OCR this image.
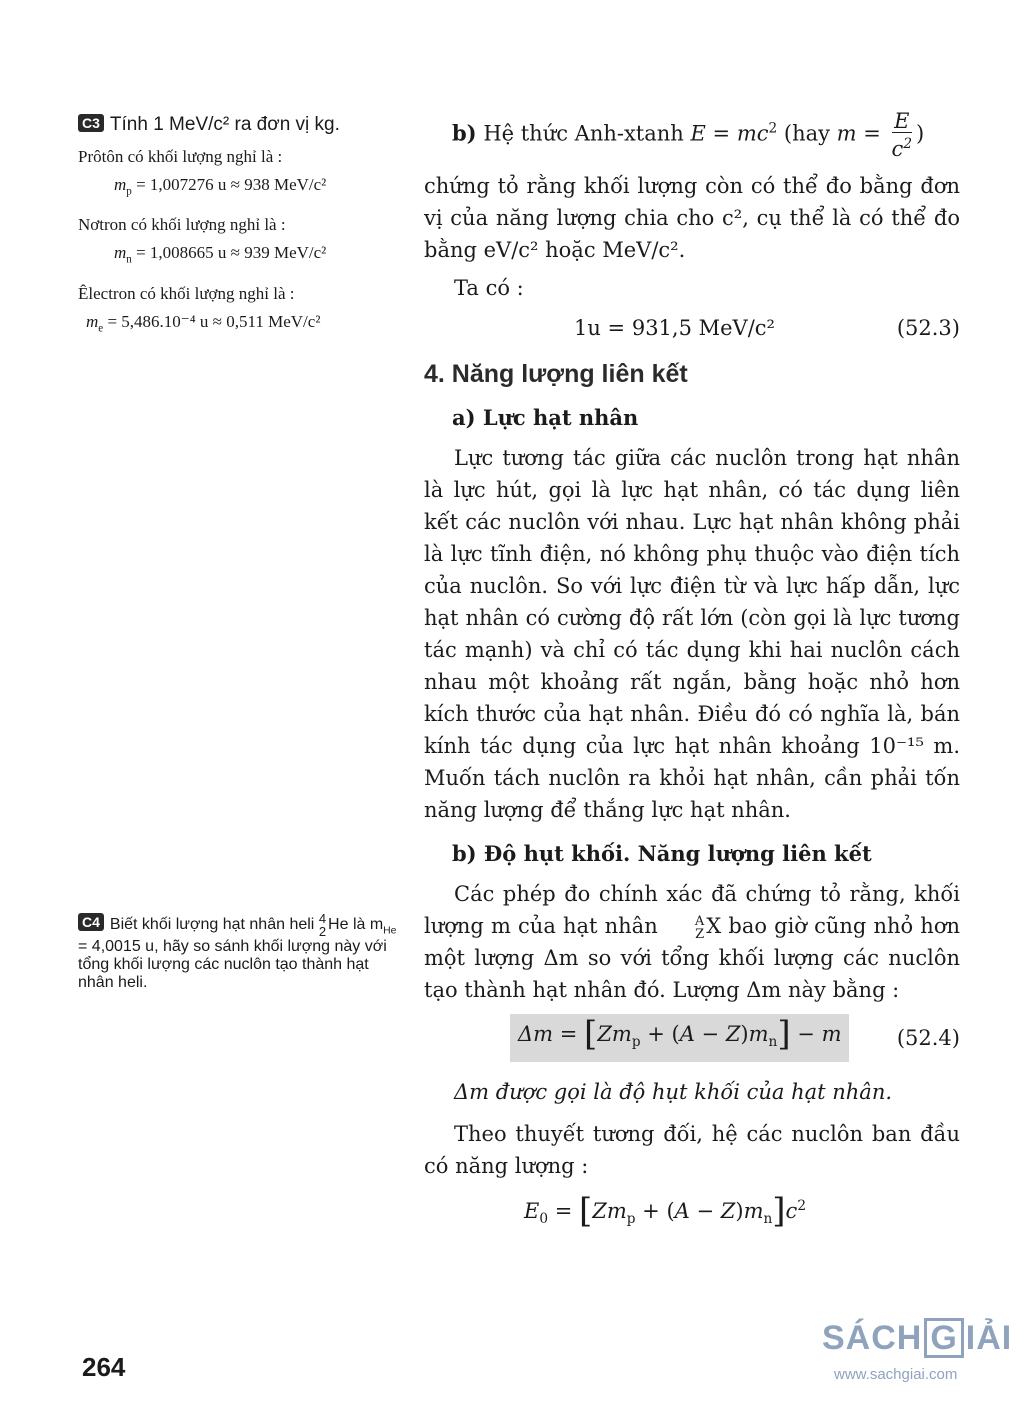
C3 Tính 1 MeV/c² ra đơn vị kg.
Prôtôn có khối lượng nghỉ là :
$m_p = 1,007276$ u ≈ 938 MeV/c²
Nơtron có khối lượng nghỉ là :
$m_n = 1,008665$ u ≈ 939 MeV/c²
Êlectron có khối lượng nghỉ là :
$m_e = 5,486.10^{-4}$ u ≈ 0,511 MeV/c²
C4 Biết khối lượng hạt nhân heli 4
2 He là $m_{He} = 4,0015$ u, hãy so sánh khối lượng này với tổng khối lượng các nuclôn tạo thành hạt nhân heli.

b) Hệ thức Anh-xtanh $E = mc^2$ (hay $m = \frac{E}{c^2}$ )

chứng tỏ rằng khối lượng còn có thể đo bằng đơn vị của năng lượng chia cho c², cụ thể là có thể đo bằng eV/c² hoặc MeV/c².

Ta có :

1u = 931,5 MeV/c²	(52.3)
4. Năng lượng liên kết
a) Lực hạt nhân

Lực tương tác giữa các nuclôn trong hạt nhân là lực hút, gọi là lực hạt nhân, có tác dụng liên kết các nuclôn với nhau. Lực hạt nhân không phải là lực tĩnh điện, nó không phụ thuộc vào điện tích của nuclôn. So với lực điện từ và lực hấp dẫn, lực hạt nhân có cường độ rất lớn (còn gọi là lực tương tác mạnh) và chỉ có tác dụng khi hai nuclôn cách nhau một khoảng rất ngắn, bằng hoặc nhỏ hơn kích thước của hạt nhân. Điều đó có nghĩa là, bán kính tác dụng của lực hạt nhân khoảng 10⁻¹⁵ m. Muốn tách nuclôn ra khỏi hạt nhân, cần phải tốn năng lượng để thắng lực hạt nhân.

b) Độ hụt khối. Năng lượng liên kết

Các phép đo chính xác đã chứng tỏ rằng, khối lượng m của hạt nhân	A
Z X bao giờ cũng nhỏ hơn một lượng Δm so với tổng khối lượng các nuclôn tạo thành hạt nhân đó. Lượng Δm này bằng :

$\Delta m = [Zm_p + (A - Z)m_n] - m$	(52.4)

Δm được gọi là độ hụt khối của hạt nhân.

Theo thuyết tương đối, hệ các nuclôn ban đầu có năng lượng :

$E_0 = [Zm_p + (A - Z)m_n]c^2$
264
SÁCH G IẢI
www.sachgiai.com
